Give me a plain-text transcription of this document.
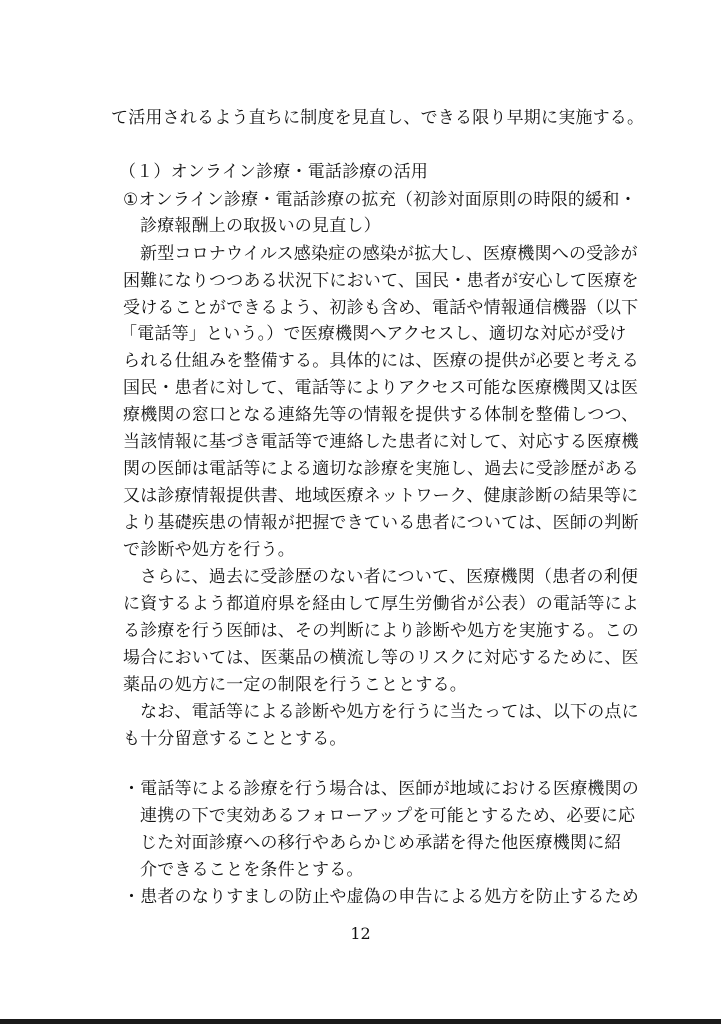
て活用されるよう直ちに制度を見直し、できる限り早期に実施する。
（１）オンライン診療・電話診療の活用
①オンライン診療・電話診療の拡充（初診対面原則の時限的緩和・
診療報酬上の取扱いの見直し）
新型コロナウイルス感染症の感染が拡大し、医療機関への受診が
困難になりつつある状況下において、国民・患者が安心して医療を
受けることができるよう、初診も含め、電話や情報通信機器（以下
「電話等」という。）で医療機関へアクセスし、適切な対応が受け
られる仕組みを整備する。具体的には、医療の提供が必要と考える
国民・患者に対して、電話等によりアクセス可能な医療機関又は医
療機関の窓口となる連絡先等の情報を提供する体制を整備しつつ、
当該情報に基づき電話等で連絡した患者に対して、対応する医療機
関の医師は電話等による適切な診療を実施し、過去に受診歴がある
又は診療情報提供書、地域医療ネットワーク、健康診断の結果等に
より基礎疾患の情報が把握できている患者については、医師の判断
で診断や処方を行う。
さらに、過去に受診歴のない者について、医療機関（患者の利便
に資するよう都道府県を経由して厚生労働省が公表）の電話等によ
る診療を行う医師は、その判断により診断や処方を実施する。この
場合においては、医薬品の横流し等のリスクに対応するために、医
薬品の処方に一定の制限を行うこととする。
なお、電話等による診断や処方を行うに当たっては、以下の点に
も十分留意することとする。
・電話等による診療を行う場合は、医師が地域における医療機関の
連携の下で実効あるフォローアップを可能とするため、必要に応
じた対面診療への移行やあらかじめ承諾を得た他医療機関に紹
介できることを条件とする。
・患者のなりすましの防止や虚偽の申告による処方を防止するため
12
